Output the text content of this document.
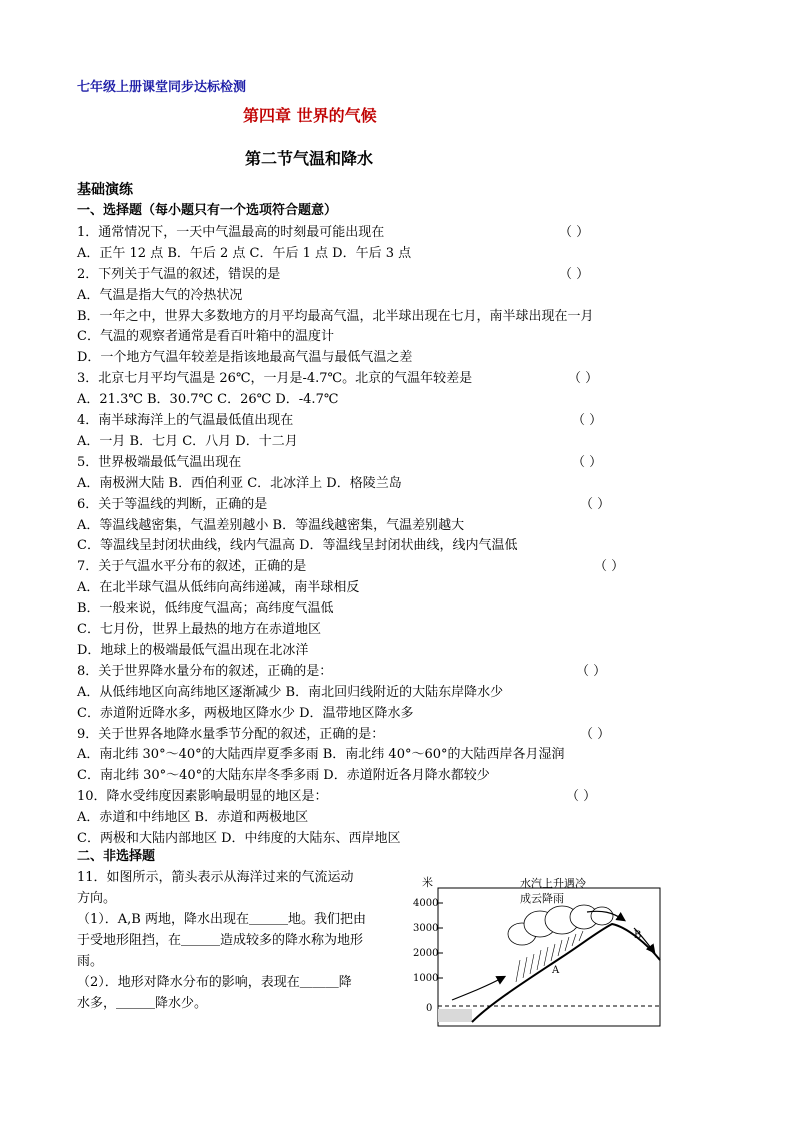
七年级上册课堂同步达标检测
第四章 世界的气候
第二节气温和降水
基础演练
一、选择题（每小题只有一个选项符合题意）
1．通常情况下，一天中气温最高的时刻最可能出现在	（ ）
A．正午 12 点 B．午后 2 点 C．午后 1 点 D．午后 3 点
2．下列关于气温的叙述，错误的是	（ ）
A．气温是指大气的冷热状况
B．一年之中，世界大多数地方的月平均最高气温，北半球出现在七月，南半球出现在一月
C．气温的观察者通常是看百叶箱中的温度计
D．一个地方气温年较差是指该地最高气温与最低气温之差
3．北京七月平均气温是 26℃，一月是-4.7℃。北京的气温年较差是	（ ）
A．21.3℃ B．30.7℃ C．26℃ D．-4.7℃
4．南半球海洋上的气温最低值出现在	（ ）
A．一月 B．七月 C．八月 D．十二月
5．世界极端最低气温出现在	（ ）
A．南极洲大陆 B．西伯利亚 C．北冰洋上 D．格陵兰岛
6．关于等温线的判断，正确的是	（ ）
A．等温线越密集，气温差别越小 B．等温线越密集，气温差别越大
C．等温线呈封闭状曲线，线内气温高 D．等温线呈封闭状曲线，线内气温低
7．关于气温水平分布的叙述，正确的是	（ ）
A．在北半球气温从低纬向高纬递减，南半球相反
B．一般来说，低纬度气温高；高纬度气温低
C．七月份，世界上最热的地方在赤道地区
D．地球上的极端最低气温出现在北冰洋
8．关于世界降水量分布的叙述，正确的是：	（ ）
A．从低纬地区向高纬地区逐渐减少 B．南北回归线附近的大陆东岸降水少
C．赤道附近降水多，两极地区降水少 D．温带地区降水多
9．关于世界各地降水量季节分配的叙述，正确的是：	（ ）
A．南北纬 30°～40°的大陆西岸夏季多雨 B．南北纬 40°～60°的大陆西岸各月湿润
C．南北纬 30°～40°的大陆东岸冬季多雨 D．赤道附近各月降水都较少
10．降水受纬度因素影响最明显的地区是：	（ ）
A．赤道和中纬地区 B．赤道和两极地区
C．两极和大陆内部地区 D．中纬度的大陆东、西岸地区
二、非选择题
11．如图所示，箭头表示从海洋过来的气流运动
方向。
（1）．A,B 两地，降水出现在＿＿＿地。我们把由
于受地形阻挡，在＿＿＿造成较多的降水称为地形
雨。
（2）．地形对降水分布的影响，表现在＿＿＿降
水多，＿＿＿降水少。
米	水汽上升遇冷
成云降雨
4000
3000
2000
1000
0
A
B
